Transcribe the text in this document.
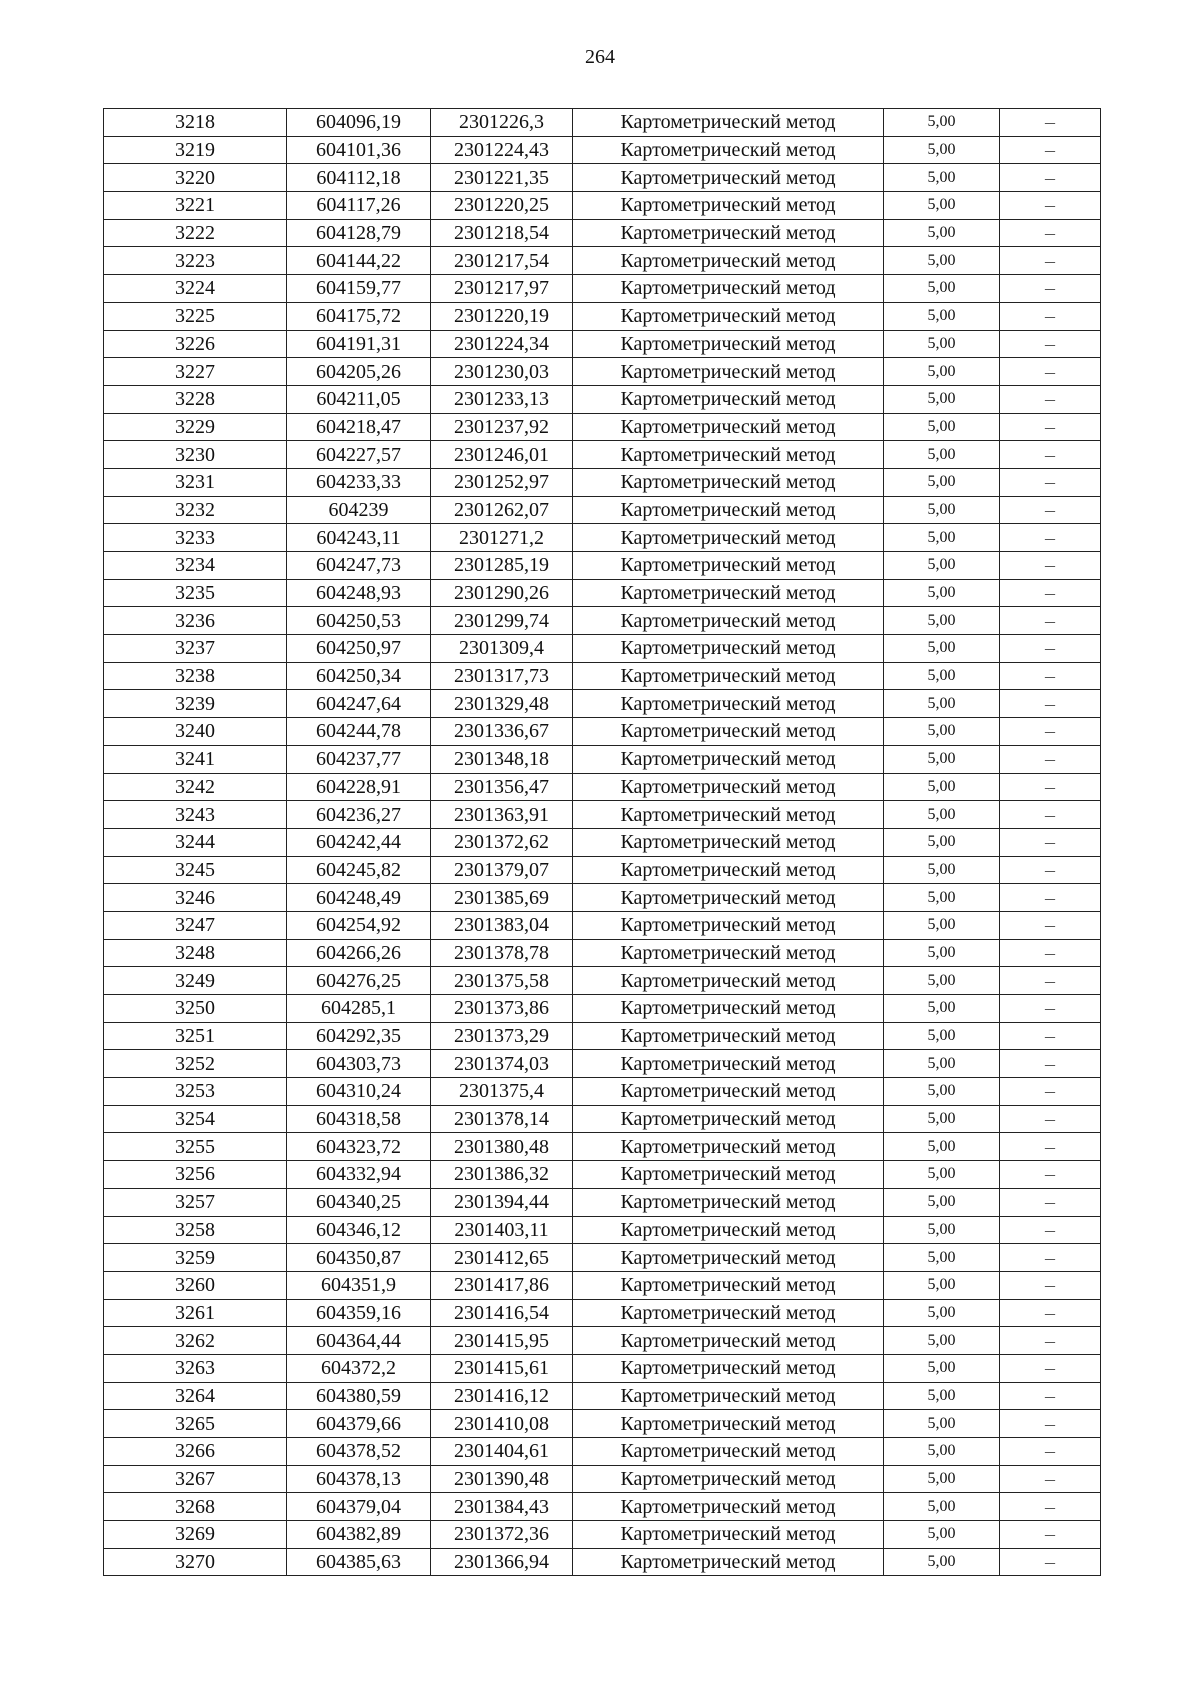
264
3218	604096,19	2301226,3	Картометрический метод	5,00	–
3219	604101,36	2301224,43	Картометрический метод	5,00	–
3220	604112,18	2301221,35	Картометрический метод	5,00	–
3221	604117,26	2301220,25	Картометрический метод	5,00	–
3222	604128,79	2301218,54	Картометрический метод	5,00	–
3223	604144,22	2301217,54	Картометрический метод	5,00	–
3224	604159,77	2301217,97	Картометрический метод	5,00	–
3225	604175,72	2301220,19	Картометрический метод	5,00	–
3226	604191,31	2301224,34	Картометрический метод	5,00	–
3227	604205,26	2301230,03	Картометрический метод	5,00	–
3228	604211,05	2301233,13	Картометрический метод	5,00	–
3229	604218,47	2301237,92	Картометрический метод	5,00	–
3230	604227,57	2301246,01	Картометрический метод	5,00	–
3231	604233,33	2301252,97	Картометрический метод	5,00	–
3232	604239	2301262,07	Картометрический метод	5,00	–
3233	604243,11	2301271,2	Картометрический метод	5,00	–
3234	604247,73	2301285,19	Картометрический метод	5,00	–
3235	604248,93	2301290,26	Картометрический метод	5,00	–
3236	604250,53	2301299,74	Картометрический метод	5,00	–
3237	604250,97	2301309,4	Картометрический метод	5,00	–
3238	604250,34	2301317,73	Картометрический метод	5,00	–
3239	604247,64	2301329,48	Картометрический метод	5,00	–
3240	604244,78	2301336,67	Картометрический метод	5,00	–
3241	604237,77	2301348,18	Картометрический метод	5,00	–
3242	604228,91	2301356,47	Картометрический метод	5,00	–
3243	604236,27	2301363,91	Картометрический метод	5,00	–
3244	604242,44	2301372,62	Картометрический метод	5,00	–
3245	604245,82	2301379,07	Картометрический метод	5,00	–
3246	604248,49	2301385,69	Картометрический метод	5,00	–
3247	604254,92	2301383,04	Картометрический метод	5,00	–
3248	604266,26	2301378,78	Картометрический метод	5,00	–
3249	604276,25	2301375,58	Картометрический метод	5,00	–
3250	604285,1	2301373,86	Картометрический метод	5,00	–
3251	604292,35	2301373,29	Картометрический метод	5,00	–
3252	604303,73	2301374,03	Картометрический метод	5,00	–
3253	604310,24	2301375,4	Картометрический метод	5,00	–
3254	604318,58	2301378,14	Картометрический метод	5,00	–
3255	604323,72	2301380,48	Картометрический метод	5,00	–
3256	604332,94	2301386,32	Картометрический метод	5,00	–
3257	604340,25	2301394,44	Картометрический метод	5,00	–
3258	604346,12	2301403,11	Картометрический метод	5,00	–
3259	604350,87	2301412,65	Картометрический метод	5,00	–
3260	604351,9	2301417,86	Картометрический метод	5,00	–
3261	604359,16	2301416,54	Картометрический метод	5,00	–
3262	604364,44	2301415,95	Картометрический метод	5,00	–
3263	604372,2	2301415,61	Картометрический метод	5,00	–
3264	604380,59	2301416,12	Картометрический метод	5,00	–
3265	604379,66	2301410,08	Картометрический метод	5,00	–
3266	604378,52	2301404,61	Картометрический метод	5,00	–
3267	604378,13	2301390,48	Картометрический метод	5,00	–
3268	604379,04	2301384,43	Картометрический метод	5,00	–
3269	604382,89	2301372,36	Картометрический метод	5,00	–
3270	604385,63	2301366,94	Картометрический метод	5,00	–
